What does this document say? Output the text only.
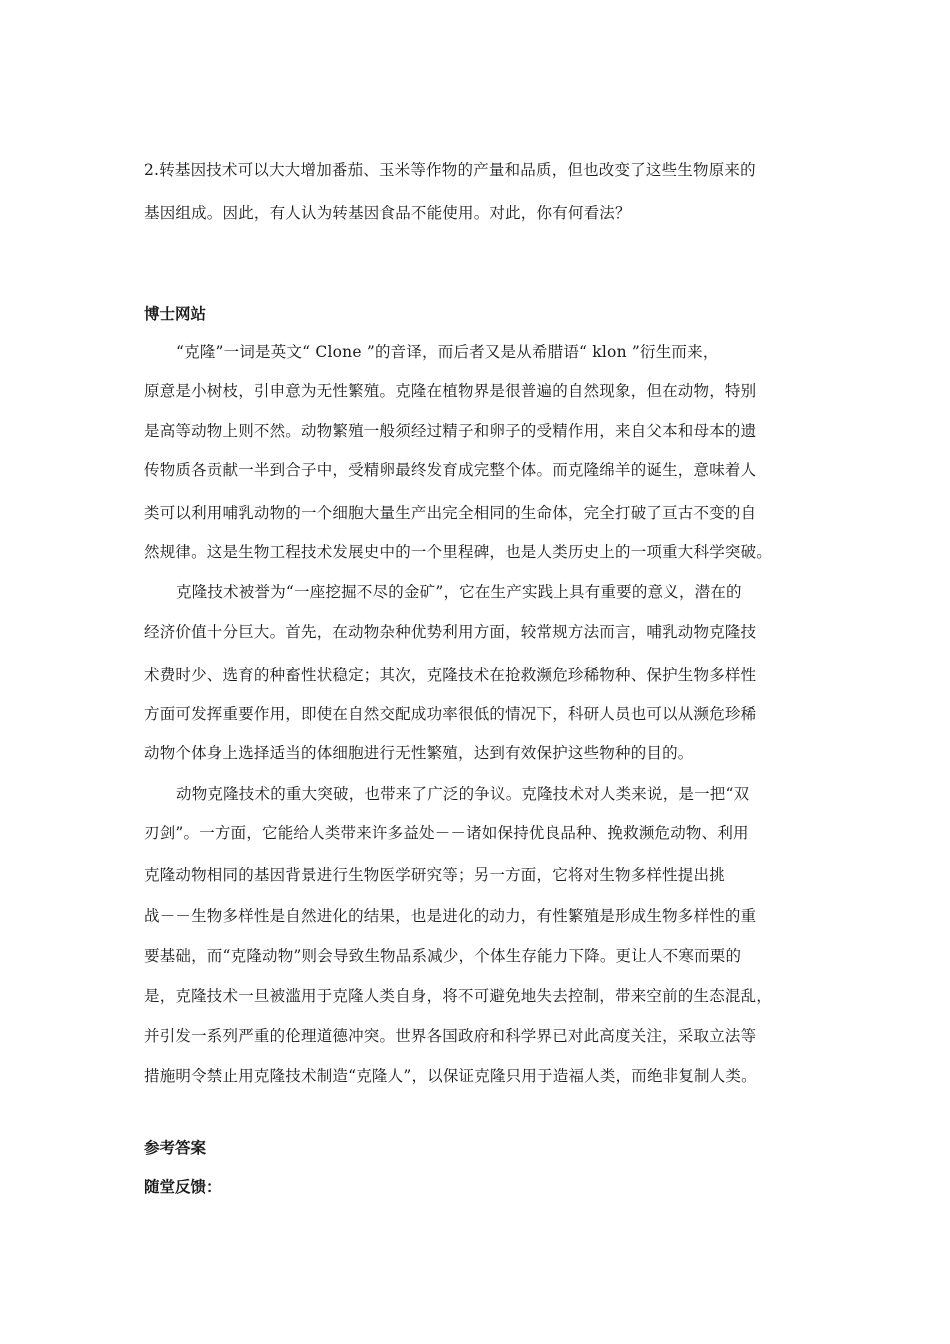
2.转基因技术可以大大增加番茄、玉米等作物的产量和品质，但也改变了这些生物原来的
基因组成。因此，有人认为转基因食品不能使用。对此，你有何看法？
博士网站
“克隆”一词是英文“ Clone ”的音译，而后者又是从希腊语“ klon ”衍生而来，
原意是小树枝，引申意为无性繁殖。克隆在植物界是很普遍的自然现象，但在动物，特别
是高等动物上则不然。动物繁殖一般须经过精子和卵子的受精作用，来自父本和母本的遗
传物质各贡献一半到合子中，受精卵最终发育成完整个体。而克隆绵羊的诞生，意味着人
类可以利用哺乳动物的一个细胞大量生产出完全相同的生命体，完全打破了亘古不变的自
然规律。这是生物工程技术发展史中的一个里程碑，也是人类历史上的一项重大科学突破。
克隆技术被誉为“一座挖掘不尽的金矿”，它在生产实践上具有重要的意义，潜在的
经济价值十分巨大。首先，在动物杂种优势利用方面，较常规方法而言，哺乳动物克隆技
术费时少、选育的种畜性状稳定；其次，克隆技术在抢救濒危珍稀物种、保护生物多样性
方面可发挥重要作用，即使在自然交配成功率很低的情况下，科研人员也可以从濒危珍稀
动物个体身上选择适当的体细胞进行无性繁殖，达到有效保护这些物种的目的。
动物克隆技术的重大突破，也带来了广泛的争议。克隆技术对人类来说，是一把“双
刃剑”。一方面，它能给人类带来许多益处－－诸如保持优良品种、挽救濒危动物、利用
克隆动物相同的基因背景进行生物医学研究等；另一方面，它将对生物多样性提出挑
战－－生物多样性是自然进化的结果，也是进化的动力，有性繁殖是形成生物多样性的重
要基础，而“克隆动物”则会导致生物品系减少，个体生存能力下降。更让人不寒而栗的
是，克隆技术一旦被滥用于克隆人类自身，将不可避免地失去控制，带来空前的生态混乱，
并引发一系列严重的伦理道德冲突。世界各国政府和科学界已对此高度关注，采取立法等
措施明令禁止用克隆技术制造“克隆人”，以保证克隆只用于造福人类，而绝非复制人类。
参考答案
随堂反馈：
